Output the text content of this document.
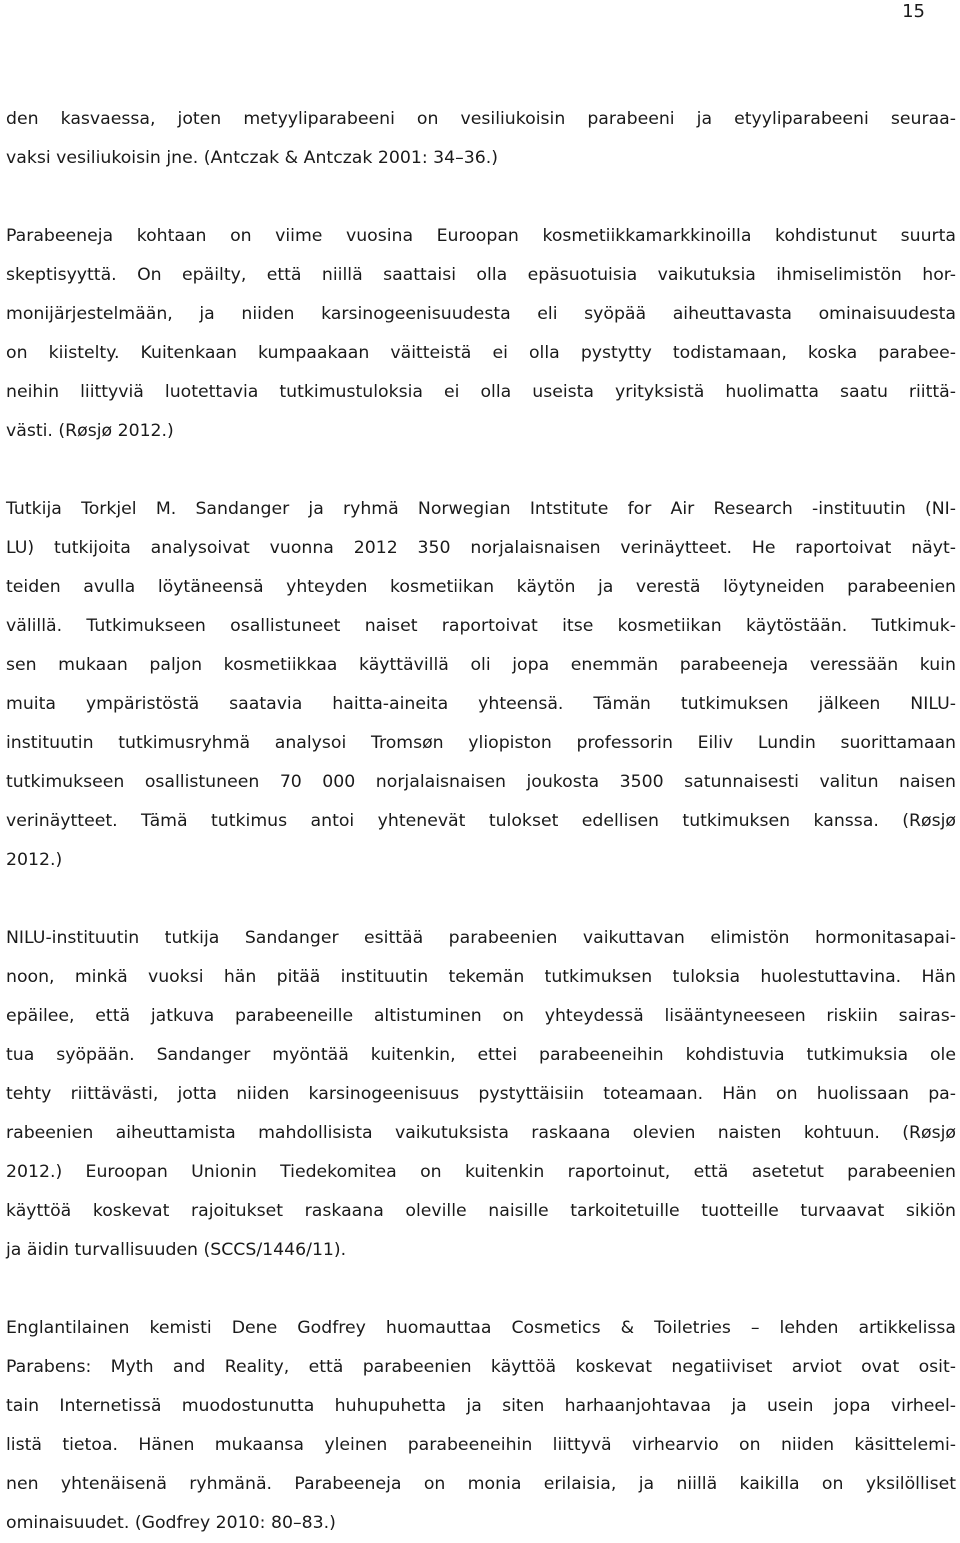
15
den kasvaessa, joten metyyliparabeeni on vesiliukoisin parabeeni ja etyyliparabeeni seuraa-
vaksi vesiliukoisin jne. (Antczak & Antczak 2001: 34–36.)
Parabeeneja kohtaan on viime vuosina Euroopan kosmetiikkamarkkinoilla kohdistunut suurta
skeptisyyttä. On epäilty, että niillä saattaisi olla epäsuotuisia vaikutuksia ihmiselimistön hor-
monijärjestelmään, ja niiden karsinogeenisuudesta eli syöpää aiheuttavasta ominaisuudesta
on kiistelty. Kuitenkaan kumpaakaan väitteistä ei olla pystytty todistamaan, koska parabee-
neihin liittyviä luotettavia tutkimustuloksia ei olla useista yrityksistä huolimatta saatu riittä-
västi. (Røsjø 2012.)
Tutkija Torkjel M. Sandanger ja ryhmä Norwegian Intstitute for Air Research -instituutin (NI-
LU) tutkijoita analysoivat vuonna 2012 350 norjalaisnaisen verinäytteet. He raportoivat näyt-
teiden avulla löytäneensä yhteyden kosmetiikan käytön ja verestä löytyneiden parabeenien
välillä. Tutkimukseen osallistuneet naiset raportoivat itse kosmetiikan käytöstään. Tutkimuk-
sen mukaan paljon kosmetiikkaa käyttävillä oli jopa enemmän parabeeneja veressään kuin
muita ympäristöstä saatavia haitta-aineita yhteensä. Tämän tutkimuksen jälkeen NILU-
instituutin tutkimusryhmä analysoi Tromsøn yliopiston professorin Eiliv Lundin suorittamaan
tutkimukseen osallistuneen 70 000 norjalaisnaisen joukosta 3500 satunnaisesti valitun naisen
verinäytteet. Tämä tutkimus antoi yhtenevät tulokset edellisen tutkimuksen kanssa. (Røsjø
2012.)
NILU-instituutin tutkija Sandanger esittää parabeenien vaikuttavan elimistön hormonitasapai-
noon, minkä vuoksi hän pitää instituutin tekemän tutkimuksen tuloksia huolestuttavina. Hän
epäilee, että jatkuva parabeeneille altistuminen on yhteydessä lisääntyneeseen riskiin sairas-
tua syöpään. Sandanger myöntää kuitenkin, ettei parabeeneihin kohdistuvia tutkimuksia ole
tehty riittävästi, jotta niiden karsinogeenisuus pystyttäisiin toteamaan. Hän on huolissaan pa-
rabeenien aiheuttamista mahdollisista vaikutuksista raskaana olevien naisten kohtuun. (Røsjø
2012.) Euroopan Unionin Tiedekomitea on kuitenkin raportoinut, että asetetut parabeenien
käyttöä koskevat rajoitukset raskaana oleville naisille tarkoitetuille tuotteille turvaavat sikiön
ja äidin turvallisuuden (SCCS/1446/11).
Englantilainen kemisti Dene Godfrey huomauttaa Cosmetics & Toiletries – lehden artikkelissa
Parabens: Myth and Reality, että parabeenien käyttöä koskevat negatiiviset arviot ovat osit-
tain Internetissä muodostunutta huhupuhetta ja siten harhaanjohtavaa ja usein jopa virheel-
listä tietoa. Hänen mukaansa yleinen parabeeneihin liittyvä virhearvio on niiden käsittelemi-
nen yhtenäisenä ryhmänä. Parabeeneja on monia erilaisia, ja niillä kaikilla on yksilölliset
ominaisuudet. (Godfrey 2010: 80–83.)
